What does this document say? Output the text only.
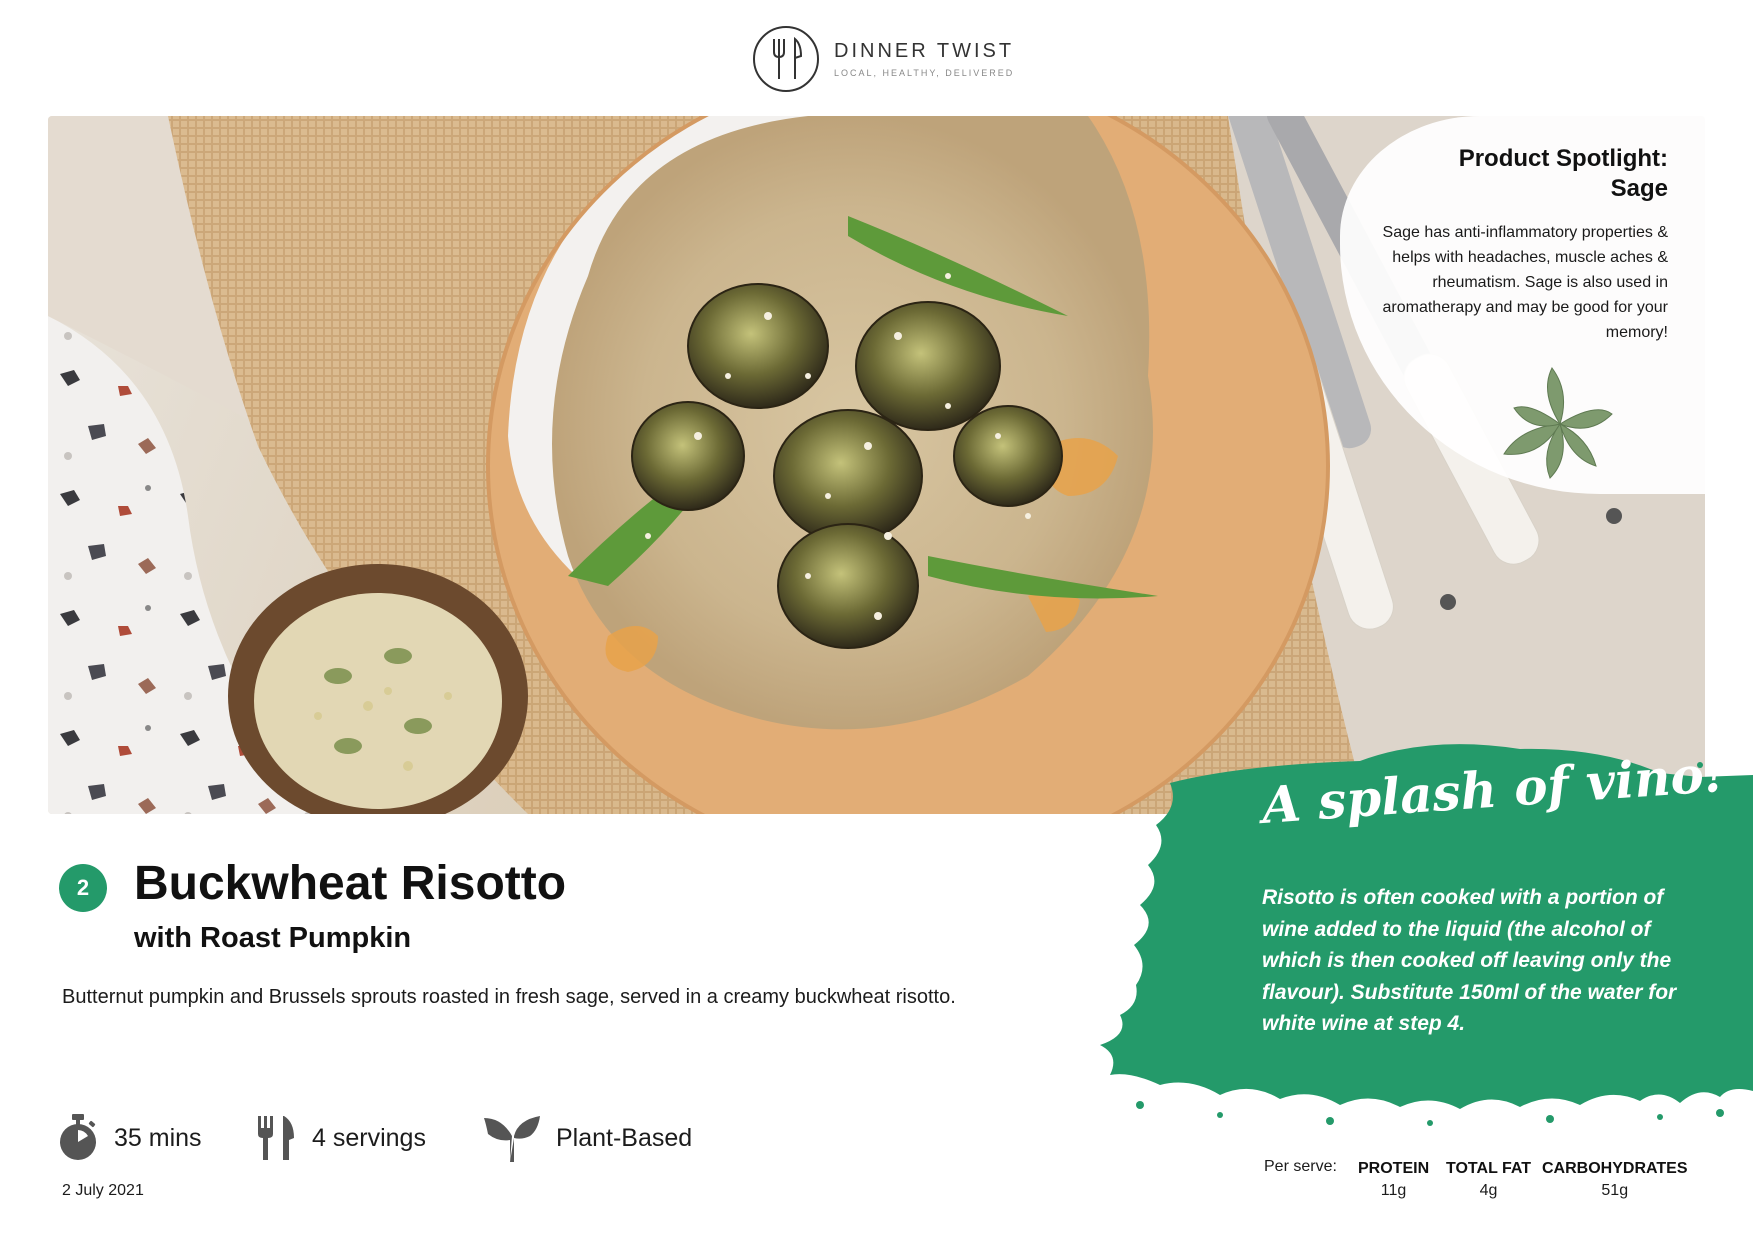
DINNER TWIST
LOCAL, HEALTHY, DELIVERED
Product Spotlight:
Sage
Sage has anti-inflammatory properties & helps with headaches, muscle aches & rheumatism. Sage is also used in aromatherapy and may be good for your memory!
2 Buckwheat Risotto
with Roast Pumpkin
Butternut pumpkin and Brussels sprouts roasted in fresh sage, served in a creamy buckwheat risotto.
35 mins	4 servings	Plant-Based
2 July 2021
A splash of vino!
Risotto is often cooked with a portion of wine added to the liquid (the alcohol of which is then cooked off leaving only the flavour). Substitute 150ml of the water for white wine at step 4.
Per serve: PROTEIN
11g
TOTAL FAT
4g
CARBOHYDRATES
51g
